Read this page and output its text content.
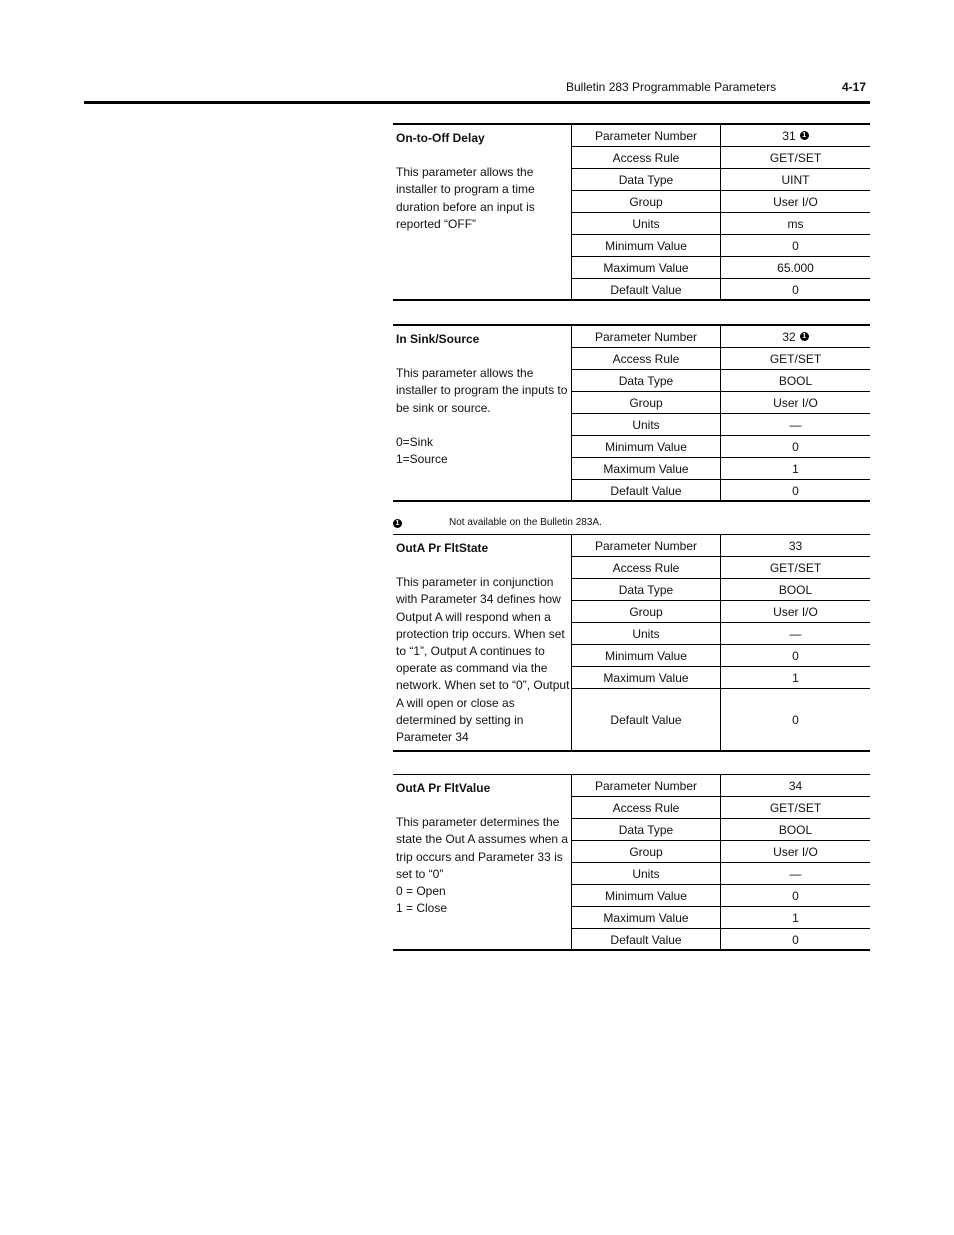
Bulletin 283 Programmable Parameters	4-17
On-to-Off Delay
This parameter allows the
installer to program a time
duration before an input is
reported “OFF”
Parameter Number	31 1
Access Rule	GET/SET
Data Type	UINT
Group	User I/O
Units	ms
Minimum Value	0
Maximum Value	65.000
Default Value	0
In Sink/Source
This parameter allows the
installer to program the inputs to
be sink or source.
0=Sink
1=Source
Parameter Number	32 1
Access Rule	GET/SET
Data Type	BOOL
Group	User I/O
Units	—
Minimum Value	0
Maximum Value	1
Default Value	0
1	Not available on the Bulletin 283A.
OutA Pr FltState
This parameter in conjunction
with Parameter 34 defines how
Output A will respond when a
protection trip occurs. When set
to “1”, Output A continues to
operate as command via the
network. When set to “0”, Output
A will open or close as
determined by setting in
Parameter 34
Parameter Number	33
Access Rule	GET/SET
Data Type	BOOL
Group	User I/O
Units	—
Minimum Value	0
Maximum Value	1
Default Value	0
OutA Pr FltValue
This parameter determines the
state the Out A assumes when a
trip occurs and Parameter 33 is
set to “0”
0 = Open
1 = Close
Parameter Number	34
Access Rule	GET/SET
Data Type	BOOL
Group	User I/O
Units	—
Minimum Value	0
Maximum Value	1
Default Value	0
